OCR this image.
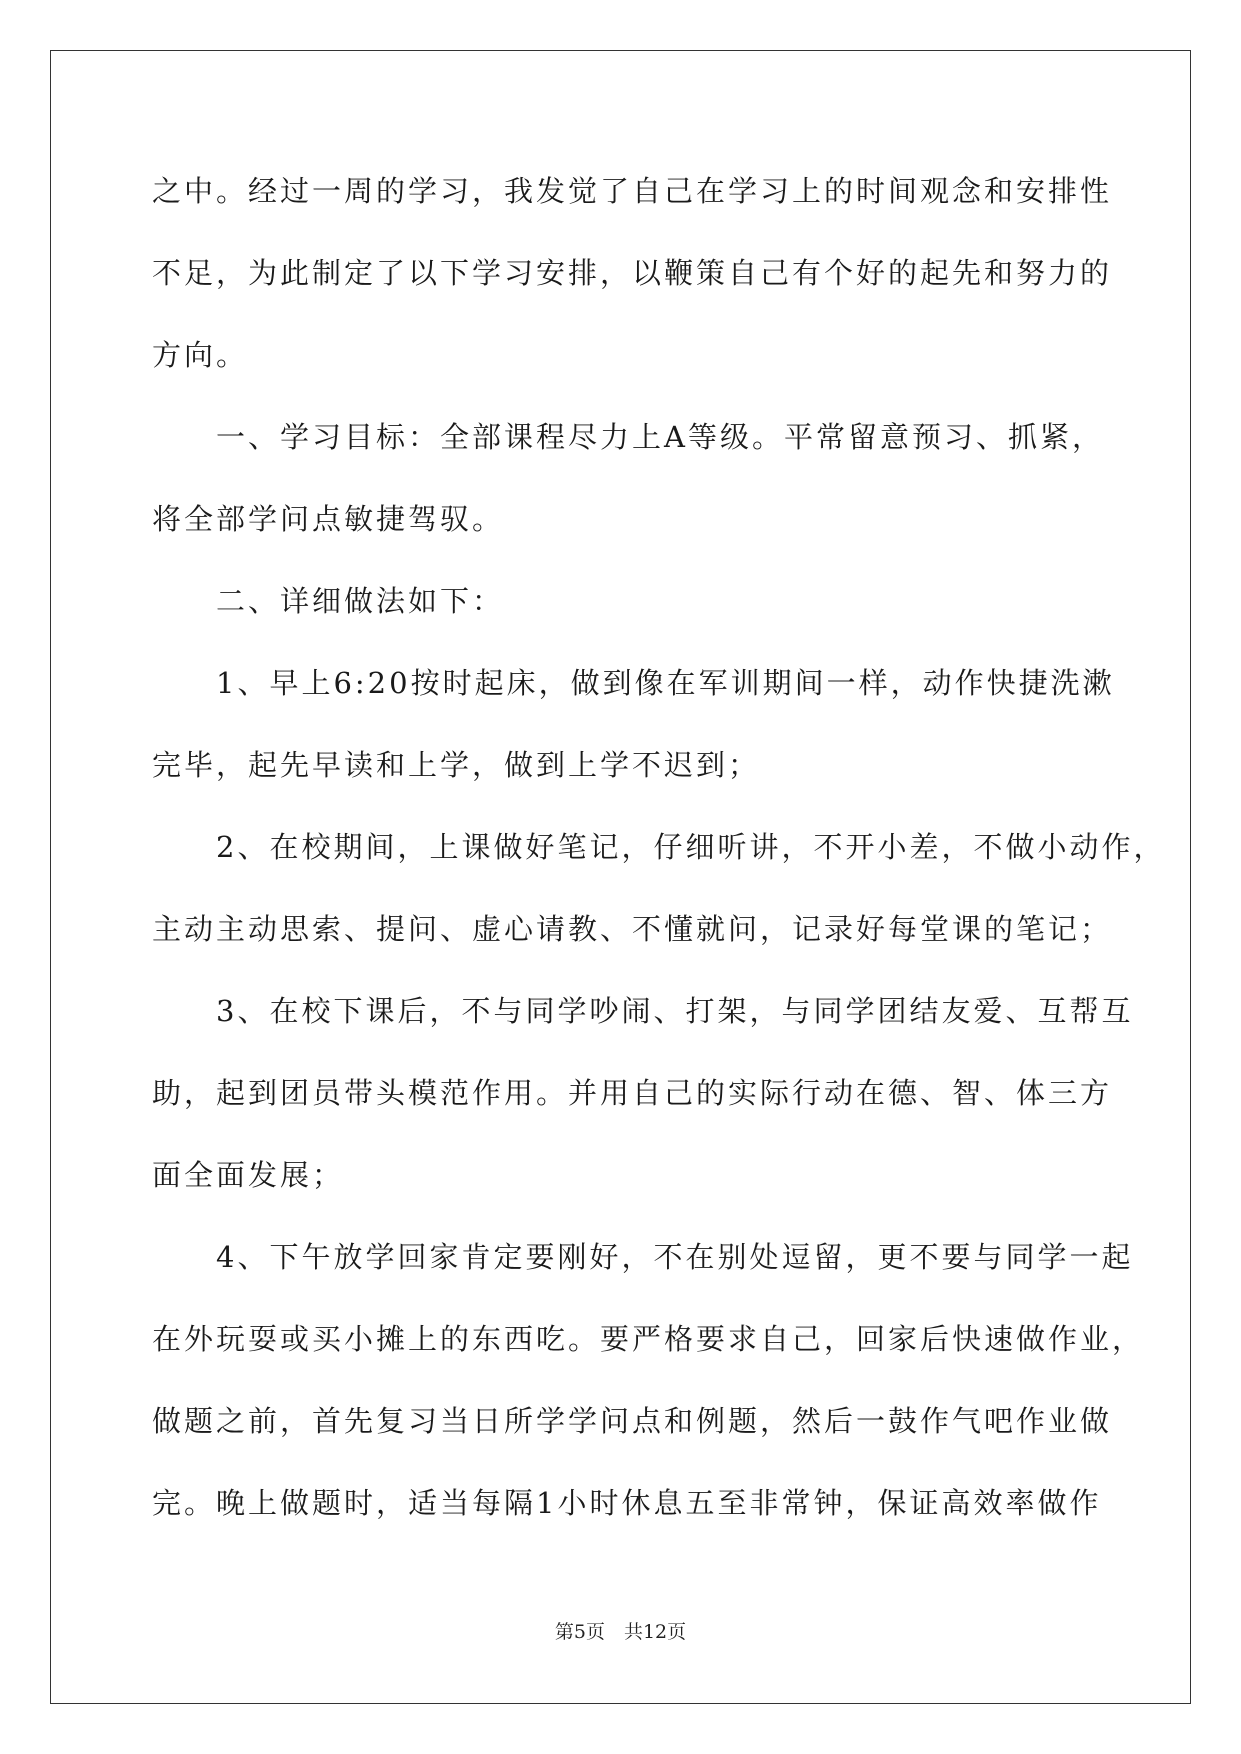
之中。经过一周的学习，我发觉了自己在学习上的时间观念和安排性
不足，为此制定了以下学习安排，以鞭策自己有个好的起先和努力的
方向。
　　一、学习目标：全部课程尽力上A等级。平常留意预习、抓紧，
将全部学问点敏捷驾驭。
　　二、详细做法如下：
　　1、早上6:20按时起床，做到像在军训期间一样，动作快捷洗漱
完毕，起先早读和上学，做到上学不迟到；
　　2、在校期间，上课做好笔记，仔细听讲，不开小差，不做小动作，
主动主动思索、提问、虚心请教、不懂就问，记录好每堂课的笔记；
　　3、在校下课后，不与同学吵闹、打架，与同学团结友爱、互帮互
助，起到团员带头模范作用。并用自己的实际行动在德、智、体三方
面全面发展；
　　4、下午放学回家肯定要刚好，不在别处逗留，更不要与同学一起
在外玩耍或买小摊上的东西吃。要严格要求自己，回家后快速做作业，
做题之前，首先复习当日所学学问点和例题，然后一鼓作气吧作业做
完。晚上做题时，适当每隔1小时休息五至非常钟，保证高效率做作
第5页　共12页
